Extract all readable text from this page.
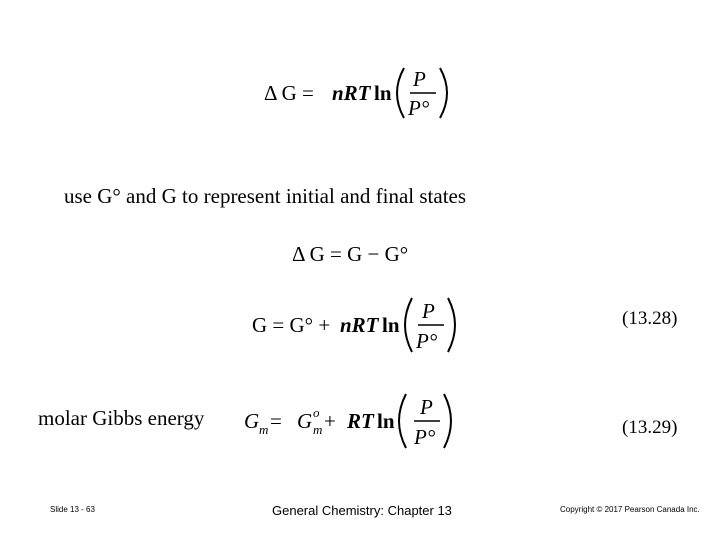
Δ G = nRT ln
P
P°
use G° and G to represent initial and final states
Δ G = G − G°
G = G° + nRT ln
P
P°
(13.28)
molar Gibbs energy G m = G o
m + RT ln
P
P°	(13.29)
Slide 13 - 63	General Chemistry: Chapter 13	Copyright © 2017 Pearson Canada Inc.
